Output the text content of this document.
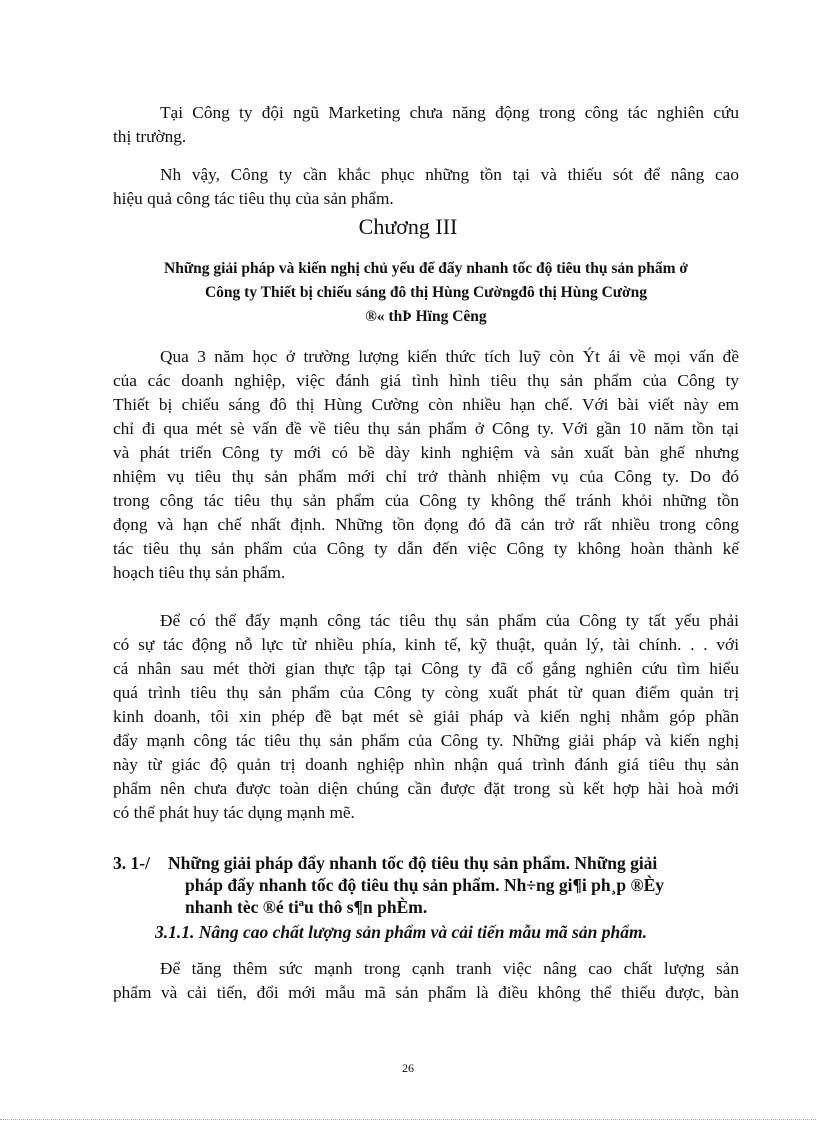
Tại Công ty đội ngũ Marketing chưa năng động trong công tác nghiên cứu
thị trường.

Nh vậy, Công ty cần khắc phục những tồn tại và thiếu sót để nâng cao
hiệu quả công tác tiêu thụ của sản phẩm.

Chương III
Những giải pháp và kiến nghị chủ yếu để đẩy nhanh tốc độ tiêu thụ sản phẩm ở
Công ty Thiết bị chiếu sáng đô thị Hùng Cườngđô thị Hùng Cường
®« thÞ Hïng Cêng

Qua 3 năm học ở trường lượng kiến thức tích luỹ còn Ýt ái về mọi vấn đề
của các doanh nghiệp, việc đánh giá tình hình tiêu thụ sản phẩm của Công ty
Thiết bị chiếu sáng đô thị Hùng Cường còn nhiều hạn chế. Với bài viết này em
chỉ đi qua mét sè vấn đề về tiêu thụ sản phẩm ở Công ty. Với gần 10 năm tồn tại
và phát triển Công ty mới có bề dày kinh nghiệm và sản xuất bàn ghế nhưng
nhiệm vụ tiêu thụ sản phẩm mới chỉ trở thành nhiệm vụ của Công ty. Do đó
trong công tác tiêu thụ sản phẩm của Công ty không thể tránh khỏi những tồn
đọng và hạn chế nhất định. Những tồn đọng đó đã cản trở rất nhiều trong công
tác tiêu thụ sản phẩm của Công ty dẫn đến việc Công ty không hoàn thành kế
hoạch tiêu thụ sản phẩm.

Để có thể đẩy mạnh công tác tiêu thụ sản phẩm của Công ty tất yếu phải
có sự tác động nỗ lực từ nhiều phía, kinh tế, kỹ thuật, quản lý, tài chính. . . với
cá nhân sau mét thời gian thực tập tại Công ty đã cố gắng nghiên cứu tìm hiểu
quá trình tiêu thụ sản phẩm của Công ty còng xuất phát từ quan điểm quản trị
kinh doanh, tôi xin phép đề bạt mét sè giải pháp và kiến nghị nhằm góp phần
đẩy mạnh công tác tiêu thụ sản phẩm của Công ty. Những giải pháp và kiến nghị
này từ giác độ quản trị doanh nghiệp nhìn nhận quá trình đánh giá tiêu thụ sản
phẩm nên chưa được toàn diện chúng cần được đặt trong sù kết hợp hài hoà mới
có thể phát huy tác dụng mạnh mẽ.

3. 1-/ Những giải pháp đẩy nhanh tốc độ tiêu thụ sản phẩm. Những giải
pháp đẩy nhanh tốc độ tiêu thụ sản phẩm. Nh÷ng gi¶i ph¸p ®Èy
nhanh tèc ®é tiªu thô s¶n phÈm.
3.1.1. Nâng cao chất lượng sản phẩm và cải tiến mẫu mã sản phẩm.

Để tăng thêm sức mạnh trong cạnh tranh việc nâng cao chất lượng sản
phẩm và cải tiến, đổi mới mẫu mã sản phẩm là điều không thể thiếu được, bàn

26
